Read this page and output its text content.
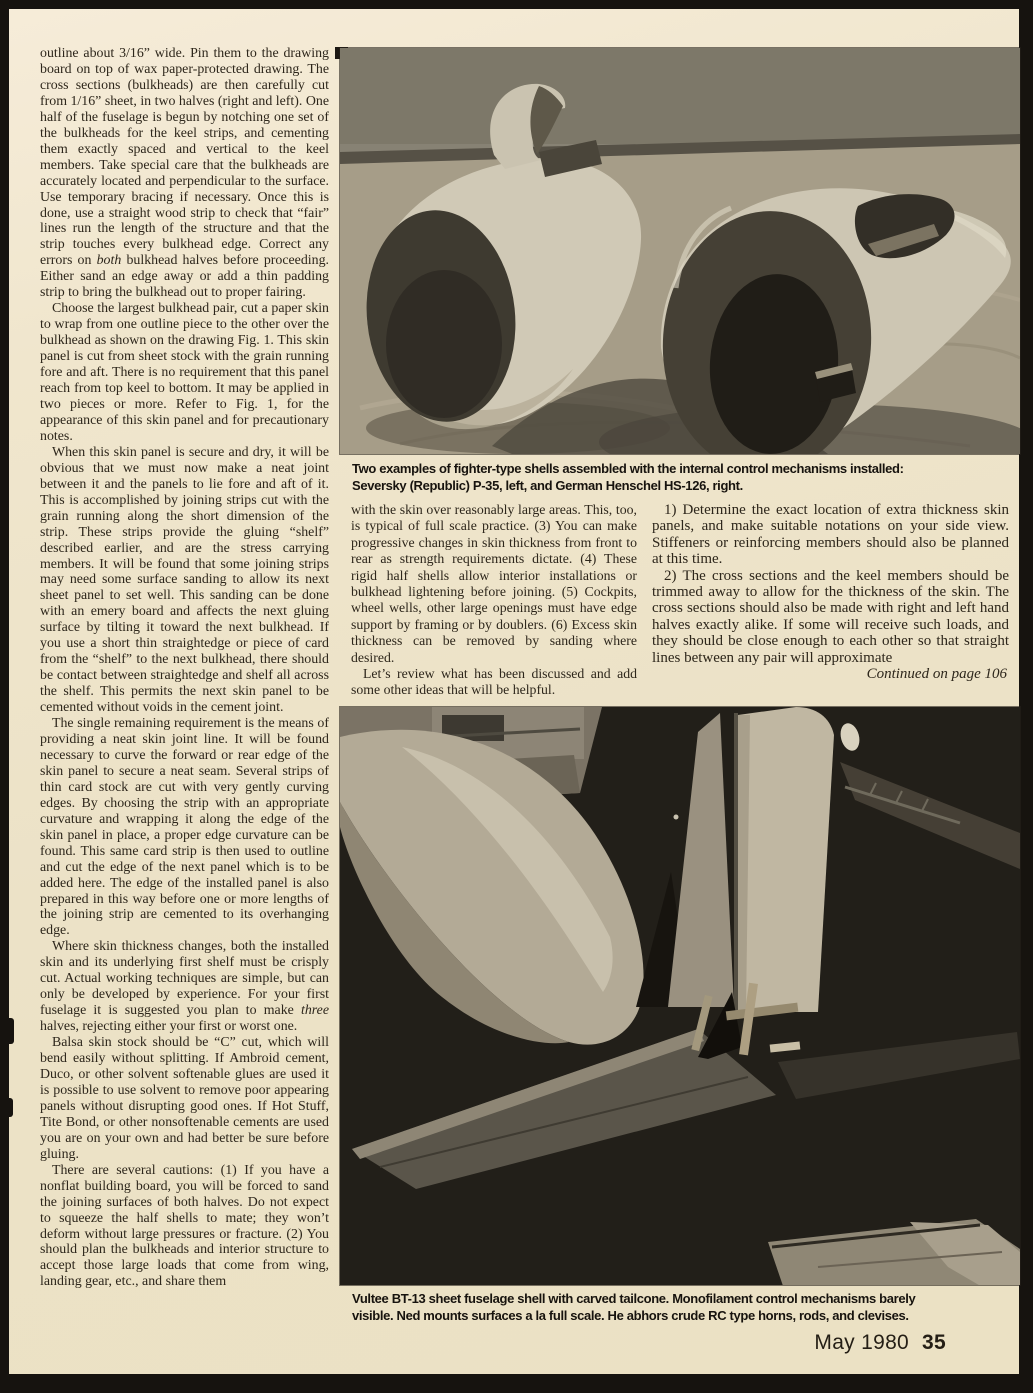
outline about 3/16” wide. Pin them to the drawing board on top of wax paper-protected drawing. The cross sections (bulkheads) are then carefully cut from 1/16” sheet, in two halves (right and left). One half of the fuselage is begun by notching one set of the bulkheads for the keel strips, and cementing them exactly spaced and vertical to the keel members. Take special care that the bulkheads are accurately located and perpendicular to the surface. Use temporary bracing if necessary. Once this is done, use a straight wood strip to check that “fair” lines run the length of the structure and that the strip touches every bulkhead edge. Correct any errors on both bulkhead halves before proceeding. Either sand an edge away or add a thin padding strip to bring the bulkhead out to proper fairing.

Choose the largest bulkhead pair, cut a paper skin to wrap from one outline piece to the other over the bulkhead as shown on the drawing Fig. 1. This skin panel is cut from sheet stock with the grain running fore and aft. There is no requirement that this panel reach from top keel to bottom. It may be applied in two pieces or more. Refer to Fig. 1, for the appearance of this skin panel and for precautionary notes.

When this skin panel is secure and dry, it will be obvious that we must now make a neat joint between it and the panels to lie fore and aft of it. This is accomplished by joining strips cut with the grain running along the short dimension of the strip. These strips provide the gluing “shelf” described earlier, and are the stress carrying members. It will be found that some joining strips may need some surface sanding to allow its next sheet panel to set well. This sanding can be done with an emery board and affects the next gluing surface by tilting it toward the next bulkhead. If you use a short thin straightedge or piece of card from the “shelf” to the next bulkhead, there should be contact between straightedge and shelf all across the shelf. This permits the next skin panel to be cemented without voids in the cement joint.

The single remaining requirement is the means of providing a neat skin joint line. It will be found necessary to curve the forward or rear edge of the skin panel to secure a neat seam. Several strips of thin card stock are cut with very gently curving edges. By choosing the strip with an appropriate curvature and wrapping it along the edge of the skin panel in place, a proper edge curvature can be found. This same card strip is then used to outline and cut the edge of the next panel which is to be added here. The edge of the installed panel is also prepared in this way before one or more lengths of the joining strip are cemented to its overhanging edge.

Where skin thickness changes, both the installed skin and its underlying first shelf must be crisply cut. Actual working techniques are simple, but can only be developed by experience. For your first fuselage it is suggested you plan to make three halves, rejecting either your first or worst one.

Balsa skin stock should be “C” cut, which will bend easily without splitting. If Ambroid cement, Duco, or other solvent softenable glues are used it is possible to use solvent to remove poor appearing panels without disrupting good ones. If Hot Stuff, Tite Bond, or other nonsoftenable cements are used you are on your own and had better be sure before gluing.

There are several cautions: (1) If you have a nonflat building board, you will be forced to sand the joining surfaces of both halves. Do not expect to squeeze the half shells to mate; they won’t deform without large pressures or fracture. (2) You should plan the bulkheads and interior structure to accept those large loads that come from wing, landing gear, etc., and share them

Two examples of fighter-type shells assembled with the internal control mechanisms installed:
Seversky (Republic) P-35, left, and German Henschel HS-126, right.

with the skin over reasonably large areas. This, too, is typical of full scale practice. (3) You can make progressive changes in skin thickness from front to rear as strength requirements dictate. (4) These rigid half shells allow interior installations or bulkhead lightening before joining. (5) Cockpits, wheel wells, other large openings must have edge support by framing or by doublers. (6) Excess skin thickness can be removed by sanding where desired.

Let’s review what has been discussed and add some other ideas that will be helpful.

1) Determine the exact location of extra thickness skin panels, and make suitable notations on your side view. Stiffeners or reinforcing members should also be planned at this time.

2) The cross sections and the keel members should be trimmed away to allow for the thickness of the skin. The cross sections should also be made with right and left hand halves exactly alike. If some will receive such loads, and they should be close enough to each other so that straight lines between any pair will approximate

Continued on page 106

Vultee BT-13 sheet fuselage shell with carved tailcone. Monofilament control mechanisms barely
visible. Ned mounts surfaces a la full scale. He abhors crude RC type horns, rods, and clevises.
May 1980 35
